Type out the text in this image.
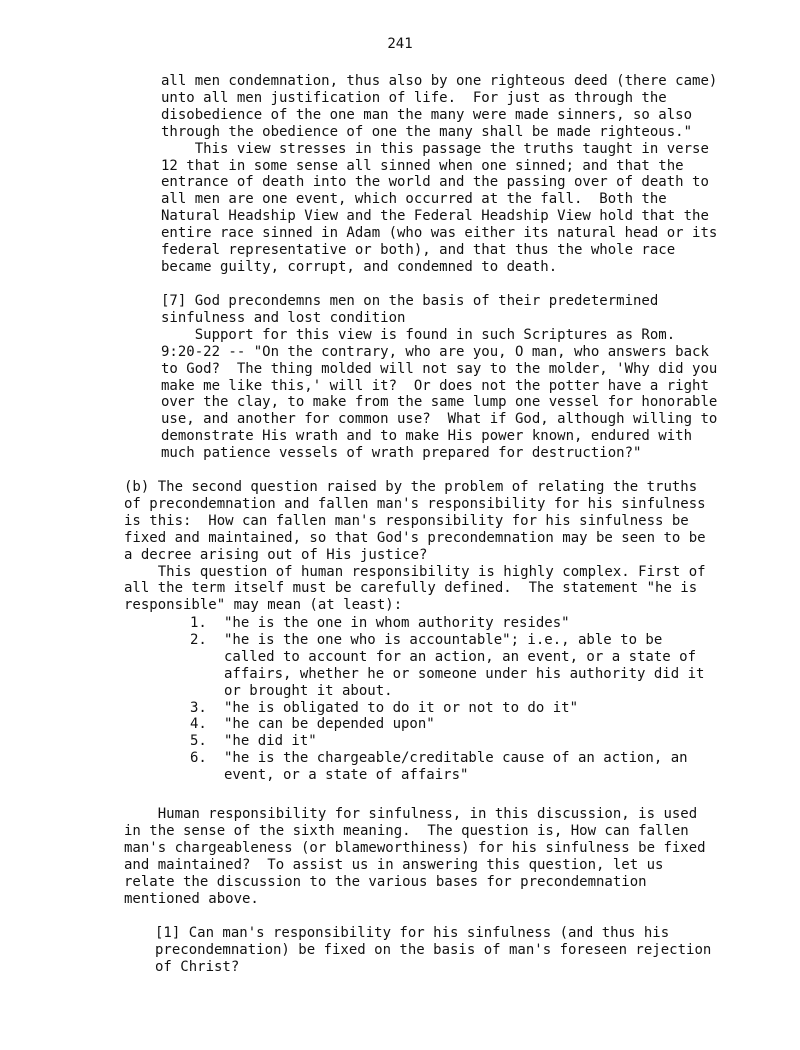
241
all men condemnation, thus also by one righteous deed (there came)
unto all men justification of life.  For just as through the
disobedience of the one man the many were made sinners, so also
through the obedience of one the many shall be made righteous."
This view stresses in this passage the truths taught in verse
12 that in some sense all sinned when one sinned; and that the
entrance of death into the world and the passing over of death to
all men are one event, which occurred at the fall.  Both the
Natural Headship View and the Federal Headship View hold that the
entire race sinned in Adam (who was either its natural head or its
federal representative or both), and that thus the whole race
became guilty, corrupt, and condemned to death.
[7] God precondemns men on the basis of their predetermined
sinfulness and lost condition
Support for this view is found in such Scriptures as Rom.
9:20-22 -- "On the contrary, who are you, O man, who answers back
to God?  The thing molded will not say to the molder, 'Why did you
make me like this,' will it?  Or does not the potter have a right
over the clay, to make from the same lump one vessel for honorable
use, and another for common use?  What if God, although willing to
demonstrate His wrath and to make His power known, endured with
much patience vessels of wrath prepared for destruction?"
(b) The second question raised by the problem of relating the truths
of precondemnation and fallen man's responsibility for his sinfulness
is this:  How can fallen man's responsibility for his sinfulness be
fixed and maintained, so that God's precondemnation may be seen to be
a decree arising out of His justice?
This question of human responsibility is highly complex. First of
all the term itself must be carefully defined.  The statement "he is
responsible" may mean (at least):
1.	"he is the one in whom authority resides"
2.	"he is the one who is accountable"; i.e., able to be
called to account for an action, an event, or a state of
affairs, whether he or someone under his authority did it
or brought it about.
3.	"he is obligated to do it or not to do it"
4.	"he can be depended upon"
5.	"he did it"
6.	"he is the chargeable/creditable cause of an action, an
event, or a state of affairs"
Human responsibility for sinfulness, in this discussion, is used
in the sense of the sixth meaning.  The question is, How can fallen
man's chargeableness (or blameworthiness) for his sinfulness be fixed
and maintained?  To assist us in answering this question, let us
relate the discussion to the various bases for precondemnation
mentioned above.
[1] Can man's responsibility for his sinfulness (and thus his
precondemnation) be fixed on the basis of man's foreseen rejection
of Christ?
